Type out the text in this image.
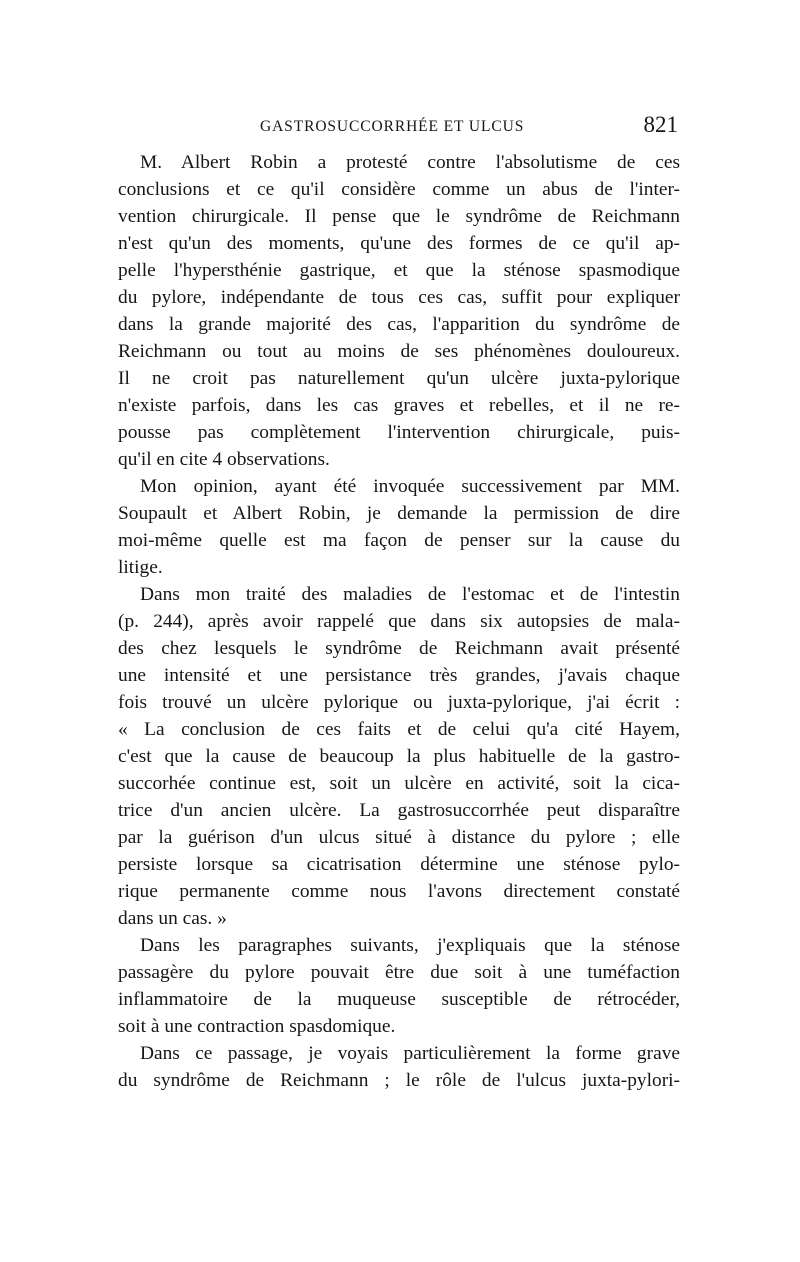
GASTROSUCCORRHÉE ET ULCUS	821
M. Albert Robin a protesté contre l'absolutisme de ces
conclusions et ce qu'il considère comme un abus de l'inter-
vention chirurgicale. Il pense que le syndrôme de Reichmann
n'est qu'un des moments, qu'une des formes de ce qu'il ap-
pelle l'hypersthénie gastrique, et que la sténose spasmodique
du pylore, indépendante de tous ces cas, suffit pour expliquer
dans la grande majorité des cas, l'apparition du syndrôme de
Reichmann ou tout au moins de ses phénomènes douloureux.
Il ne croit pas naturellement qu'un ulcère juxta-pylorique
n'existe parfois, dans les cas graves et rebelles, et il ne re-
pousse pas complètement l'intervention chirurgicale, puis-
qu'il en cite 4 observations.
Mon opinion, ayant été invoquée successivement par MM.
Soupault et Albert Robin, je demande la permission de dire
moi-même quelle est ma façon de penser sur la cause du
litige.
Dans mon traité des maladies de l'estomac et de l'intestin
(p. 244), après avoir rappelé que dans six autopsies de mala-
des chez lesquels le syndrôme de Reichmann avait présenté
une intensité et une persistance très grandes, j'avais chaque
fois trouvé un ulcère pylorique ou juxta-pylorique, j'ai écrit :
« La conclusion de ces faits et de celui qu'a cité Hayem,
c'est que la cause de beaucoup la plus habituelle de la gastro-
succorhée continue est, soit un ulcère en activité, soit la cica-
trice d'un ancien ulcère. La gastrosuccorrhée peut disparaître
par la guérison d'un ulcus situé à distance du pylore ; elle
persiste lorsque sa cicatrisation détermine une sténose pylo-
rique permanente comme nous l'avons directement constaté
dans un cas. »
Dans les paragraphes suivants, j'expliquais que la sténose
passagère du pylore pouvait être due soit à une tuméfaction
inflammatoire de la muqueuse susceptible de rétrocéder,
soit à une contraction spasdomique.
Dans ce passage, je voyais particulièrement la forme grave
du syndrôme de Reichmann ; le rôle de l'ulcus juxta-pylori-
